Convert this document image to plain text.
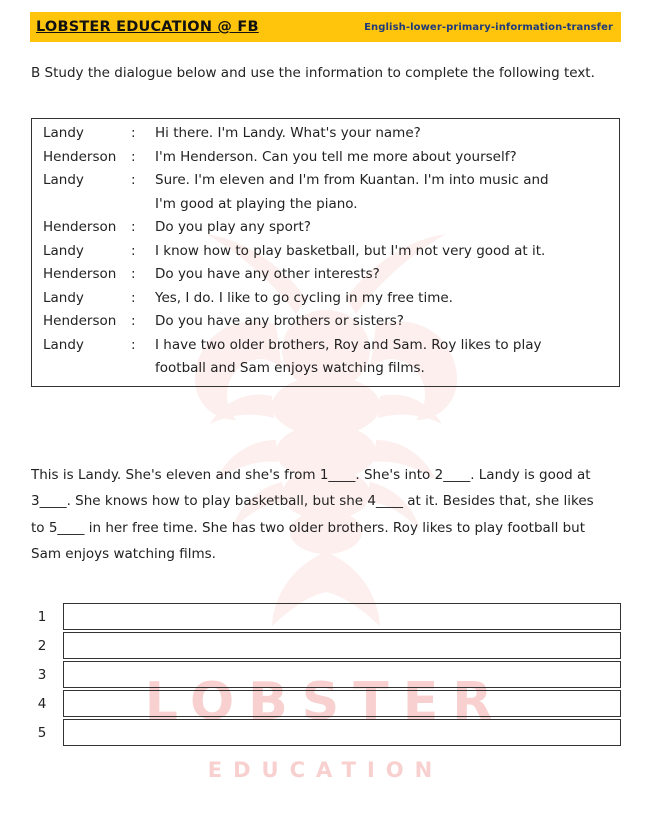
LOBSTER
EDUCATION
LOBSTER EDUCATION @ FB	English-lower-primary-information-transfer
B Study the dialogue below and use the information to complete the following text.
Landy	:	Hi there. I'm Landy. What's your name?
Henderson	:	I'm Henderson. Can you tell me more about yourself?
Landy	:	Sure. I'm eleven and I'm from Kuantan. I'm into music and
I'm good at playing the piano.
Henderson	:	Do you play any sport?
Landy	:	I know how to play basketball, but I'm not very good at it.
Henderson	:	Do you have any other interests?
Landy	:	Yes, I do. I like to go cycling in my free time.
Henderson	:	Do you have any brothers or sisters?
Landy	:	I have two older brothers, Roy and Sam. Roy likes to play
football and Sam enjoys watching films.
This is Landy. She's eleven and she's from 1____. She's into 2____. Landy is good at 3____. She knows how to play basketball, but she 4____ at it. Besides that, she likes to 5____ in her free time. She has two older brothers. Roy likes to play football but Sam enjoys watching films.
1
2
3
4
5
